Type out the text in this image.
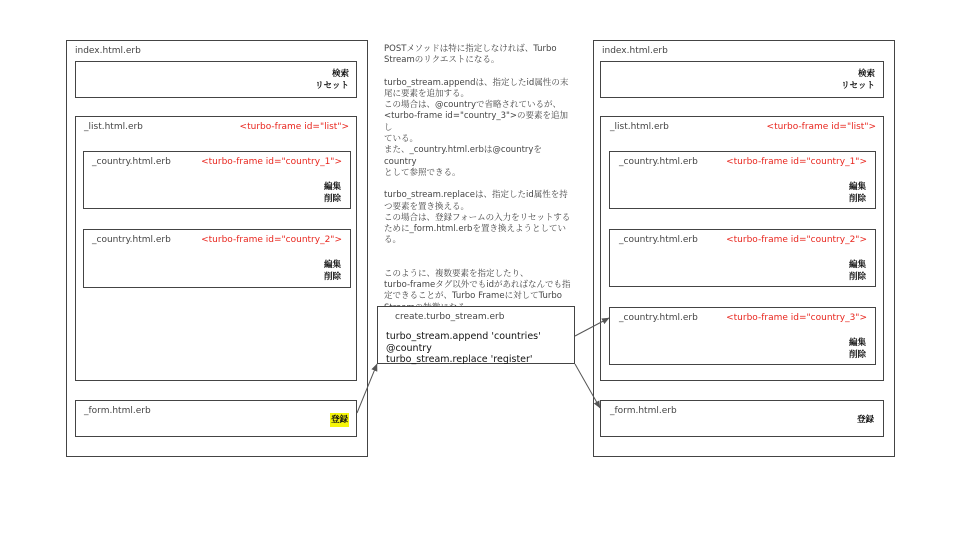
index.html.erb
検索
リセット
_list.html.erb	<turbo-frame id="list">
_country.html.erb	<turbo-frame id="country_1">
編集
削除
_country.html.erb	<turbo-frame id="country_2">
編集
削除
_form.html.erb
登録

POSTメソッドは特に指定しなければ、Turbo
Streamのリクエストになる。

turbo_stream.appendは、指定したid属性の末
尾に要素を追加する。
この場合は、@countryで省略されているが、
<turbo-frame id="country_3">の要素を追加し
ている。
また、_country.html.erbは@countryをcountry
として参照できる。

turbo_stream.replaceは、指定したid属性を持
つ要素を置き換える。
この場合は、登録フォームの入力をリセットする
ために_form.html.erbを置き換えようとしてい
る。

このように、複数要素を指定したり、
turbo-frameタグ以外でもidがあればなんでも指
定できることが、Turbo Frameに対してTurbo

create.turbo_stream.erb
turbo_stream.append 'countries' @country
turbo_stream.replace 'register'
index.html.erb
検索
リセット
_list.html.erb	<turbo-frame id="list">
_country.html.erb	<turbo-frame id="country_1">
編集
削除
_country.html.erb	<turbo-frame id="country_2">
編集
削除
_country.html.erb	<turbo-frame id="country_3">
編集
削除
_form.html.erb
登録
